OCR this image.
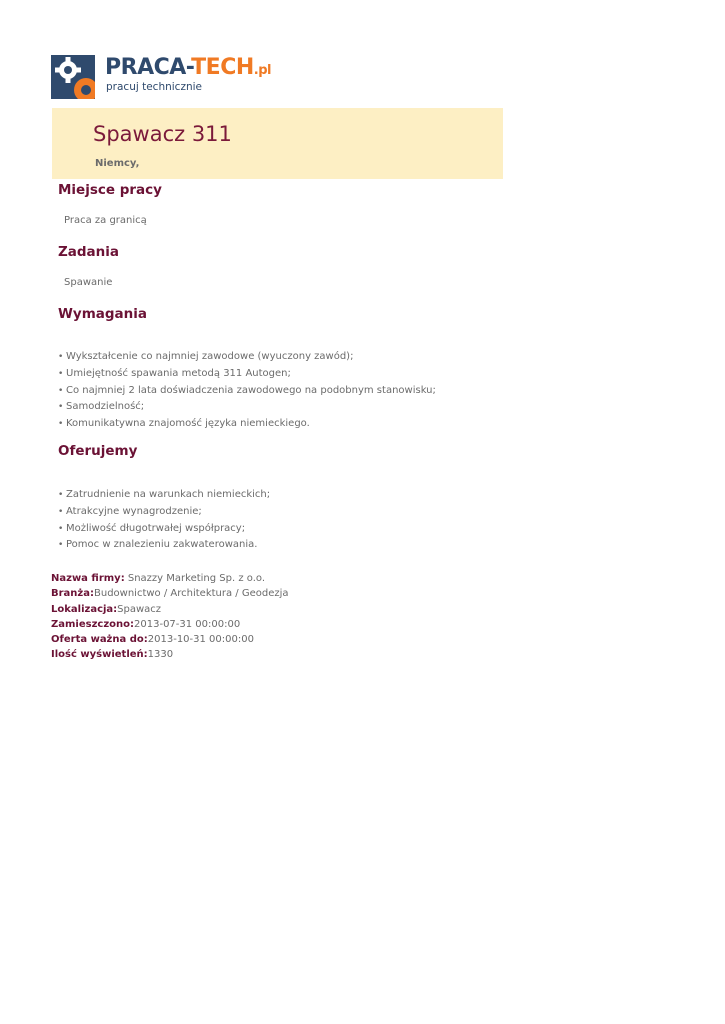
PRACA-TECH.pl
pracuj technicznie
Spawacz 311
Niemcy,
Miejsce pracy
Praca za granicą
Zadania
Spawanie
Wymagania
• Wykształcenie co najmniej zawodowe (wyuczony zawód);
• Umiejętność spawania metodą 311 Autogen;
• Co najmniej 2 lata doświadczenia zawodowego na podobnym stanowisku;
• Samodzielność;
• Komunikatywna znajomość języka niemieckiego.
Oferujemy
• Zatrudnienie na warunkach niemieckich;
• Atrakcyjne wynagrodzenie;
• Możliwość długotrwałej współpracy;
• Pomoc w znalezieniu zakwaterowania.
Nazwa firmy: Snazzy Marketing Sp. z o.o.
Branża:Budownictwo / Architektura / Geodezja
Lokalizacja:Spawacz
Zamieszczono:2013-07-31 00:00:00
Oferta ważna do:2013-10-31 00:00:00
Ilość wyświetleń:1330
